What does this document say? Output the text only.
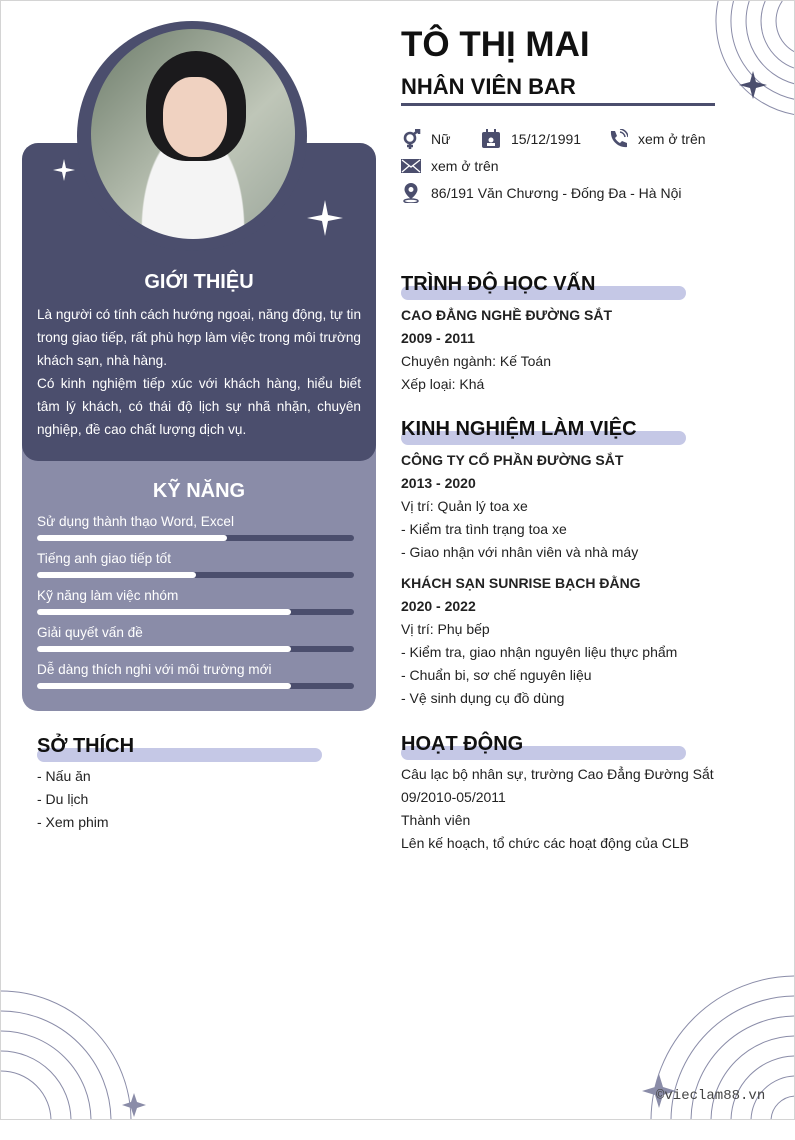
GIỚI THIỆU
Là người có tính cách hướng ngoại, năng động, tự tin trong giao tiếp, rất phù hợp làm việc trong môi trường khách sạn, nhà hàng.
Có kinh nghiệm tiếp xúc với khách hàng, hiểu biết tâm lý khách, có thái độ lịch sự nhã nhặn, chuyên nghiệp, đề cao chất lượng dịch vụ.
KỸ NĂNG
Sử dụng thành thạo Word, Excel
Tiếng anh giao tiếp tốt
Kỹ năng làm việc nhóm
Giải quyết vấn đề
Dễ dàng thích nghi với môi trường mới
SỞ THÍCH
- Nấu ăn
- Du lịch
- Xem phim
TÔ THỊ MAI
NHÂN VIÊN BAR
Nữ	15/12/1991	xem ở trên
xem ở trên
86/191 Văn Chương - Đống Đa - Hà Nội
TRÌNH ĐỘ HỌC VẤN
CAO ĐẲNG NGHỀ ĐƯỜNG SẮT
2009 - 2011
Chuyên ngành: Kế Toán
Xếp loại: Khá
KINH NGHIỆM LÀM VIỆC
CÔNG TY CỔ PHẦN ĐƯỜNG SẮT
2013 - 2020
Vị trí: Quản lý toa xe
- Kiểm tra tình trạng toa xe
- Giao nhận với nhân viên và nhà máy
KHÁCH SẠN SUNRISE BẠCH ĐẰNG
2020 - 2022
Vị trí: Phụ bếp
- Kiểm tra, giao nhận nguyên liệu thực phẩm
- Chuẩn bi, sơ chế nguyên liệu
- Vệ sinh dụng cụ đồ dùng
HOẠT ĐỘNG
Câu lạc bộ nhân sự, trường Cao Đẳng Đường Sắt
09/2010-05/2011
Thành viên
Lên kế hoạch, tổ chức các hoạt động của CLB
©vieclam88.vn
